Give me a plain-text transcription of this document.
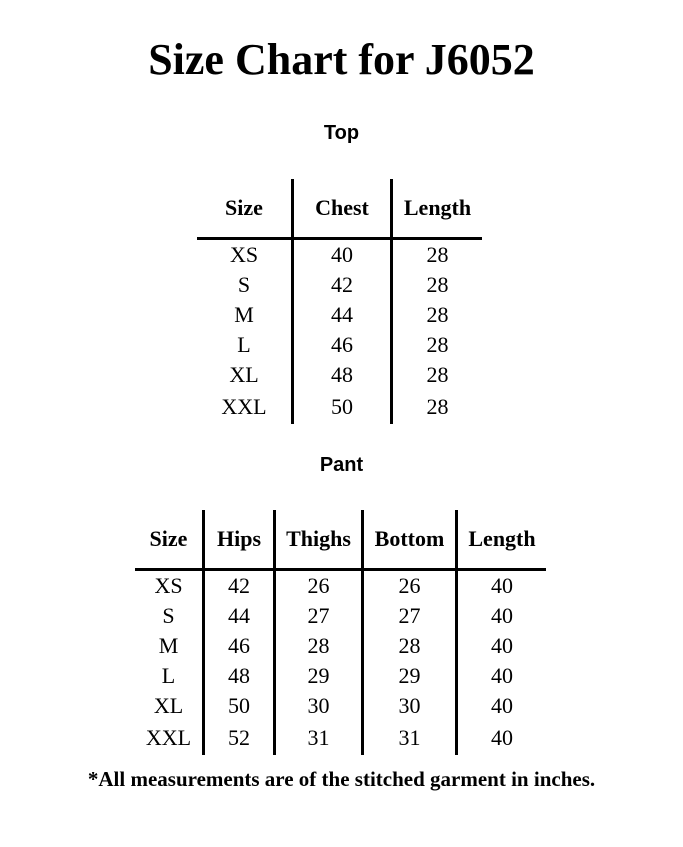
Size Chart for J6052
Top
Size	Chest	Length
XS	40	28
S	42	28
M	44	28
L	46	28
XL	48	28
XXL	50	28
Pant
Size	Hips	Thighs	Bottom	Length
XS	42	26	26	40
S	44	27	27	40
M	46	28	28	40
L	48	29	29	40
XL	50	30	30	40
XXL	52	31	31	40
*All measurements are of the stitched garment in inches.
